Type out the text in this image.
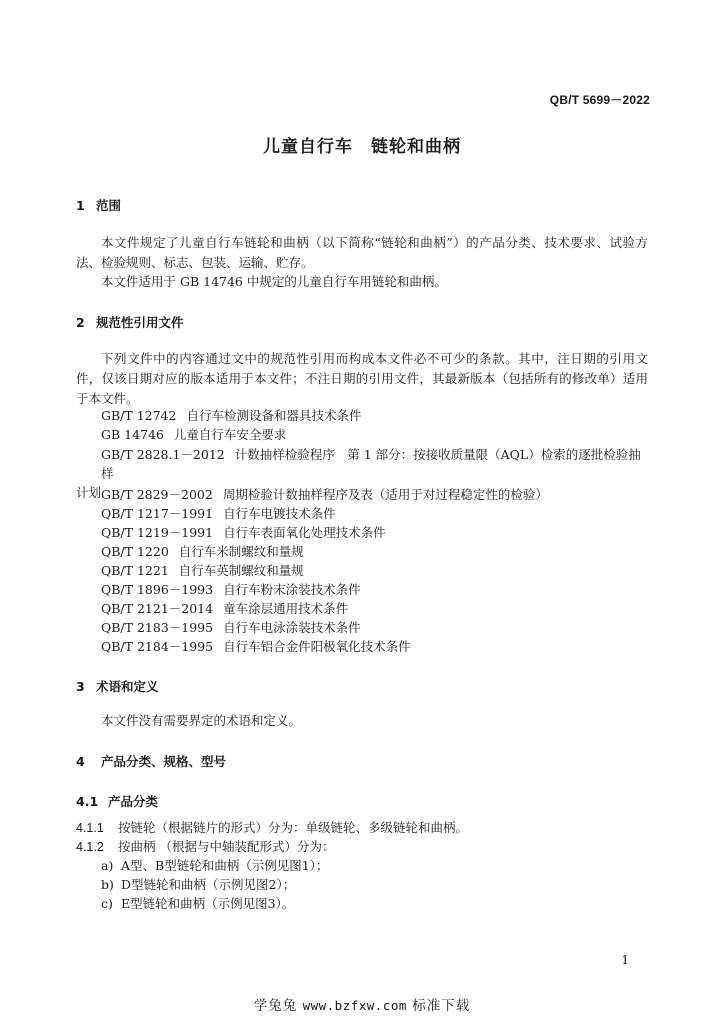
QB/T 5699－2022
儿童自行车 链轮和曲柄
1 范围
本文件规定了儿童自行车链轮和曲柄（以下简称“链轮和曲柄”）的产品分类、技术要求、试验方法、检验规则、标志、包装、运输、贮存。
本文件适用于 GB 14746 中规定的儿童自行车用链轮和曲柄。
2 规范性引用文件
下列文件中的内容通过文中的规范性引用而构成本文件必不可少的条款。其中，注日期的引用文件，仅该日期对应的版本适用于本文件；不注日期的引用文件，其最新版本（包括所有的修改单）适用于本文件。
GB/T 12742 自行车检测设备和器具技术条件
GB 14746 儿童自行车安全要求
GB/T 2828.1－2012 计数抽样检验程序　第 1 部分：按接收质量限（AQL）检索的逐批检验抽样
计划 GB/T 2829－2002 周期检验计数抽样程序及表（适用于对过程稳定性的检验）
QB/T 1217－1991 自行车电镀技术条件
QB/T 1219－1991 自行车表面氧化处理技术条件
QB/T 1220 自行车米制螺纹和量规
QB/T 1221 自行车英制螺纹和量规
QB/T 1896－1993 自行车粉末涂装技术条件
QB/T 2121－2014 童车涂层通用技术条件
QB/T 2183－1995 自行车电泳涂装技术条件
QB/T 2184－1995 自行车铝合金件阳极氧化技术条件
3 术语和定义
本文件没有需要界定的术语和定义。
4 产品分类、规格、型号
4.1 产品分类
4.1.1 按链轮（根据链片的形式）分为：单级链轮、多级链轮和曲柄。
4.1.2 按曲柄 （根据与中轴装配形式）分为：
a) A型、B型链轮和曲柄（示例见图1）；
b) D型链轮和曲柄（示例见图2）；
c) E型链轮和曲柄（示例见图3）。
1
学兔兔 www.bzfxw.com 标准下载
